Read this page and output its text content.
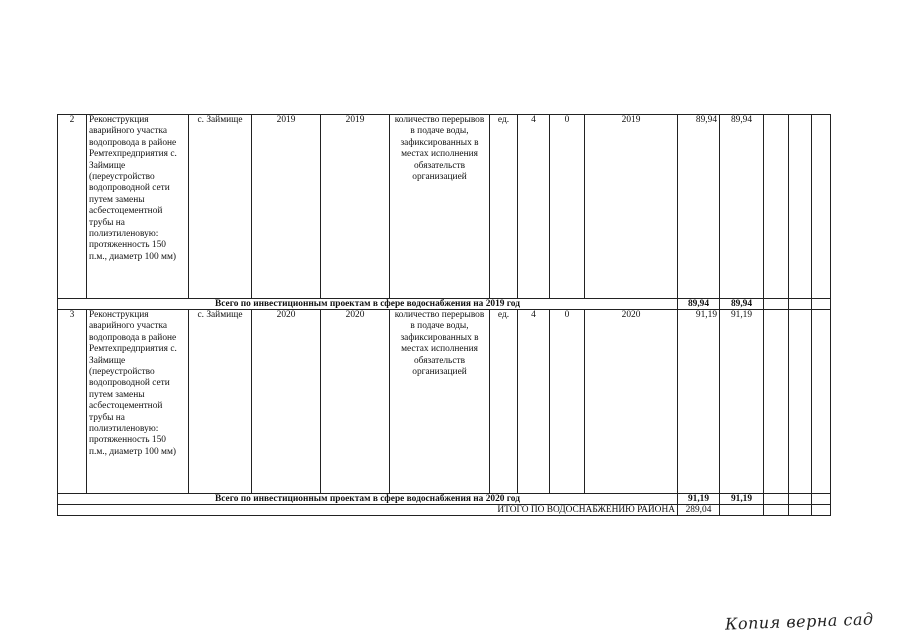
2	Реконструкция аварийного участка водопровода в районе Ремтехпредприятия с. Займище (переустройство водопроводной сети путем замены асбестоцементной трубы на полиэтиленовую: протяженность 150 п.м., диаметр 100 мм)	с. Займище	2019	2019	количество перерывов в подаче воды, зафиксированных в местах исполнения обязательств организацией	ед.	4	0	2019	89,94	89,94			
Всего по инвестиционным проектам в сфере водоснабжения на 2019 год										89,94	89,94			
3	Реконструкция аварийного участка водопровода в районе Ремтехпредприятия с. Займище (переустройство водопроводной сети путем замены асбестоцементной трубы на полиэтиленовую: протяженность 150 п.м., диаметр 100 мм)	с. Займище	2020	2020	количество перерывов в подаче воды, зафиксированных в местах исполнения обязательств организацией	ед.	4	0	2020	91,19	91,19			
Всего по инвестиционным проектам в сфере водоснабжения на 2020 год										91,19	91,19			
ИТОГО ПО ВОДОСНАБЖЕНИЮ РАЙОНА										289,04				
Копия верна сад
